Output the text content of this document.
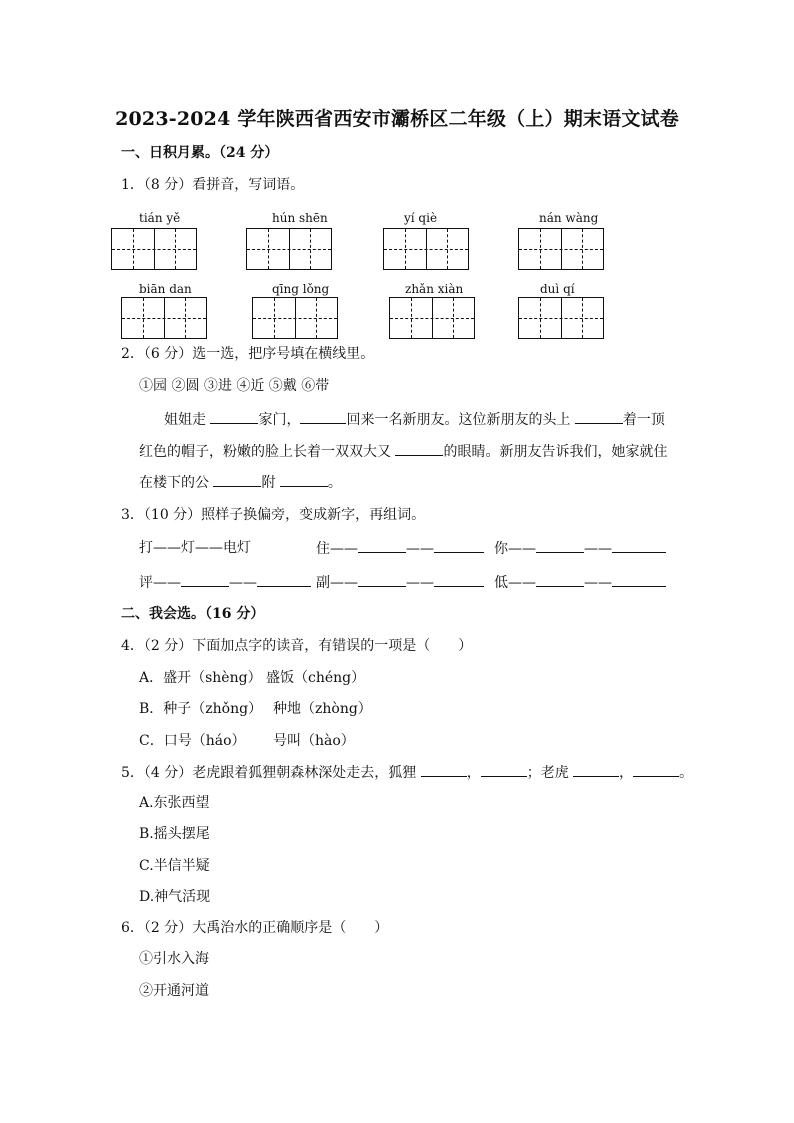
2023-2024 学年陕西省西安市灞桥区二年级（上）期末语文试卷
一、日积月累。（24 分）
1．（8 分）看拼音，写词语。
tián yě	hún shēn	yí qiè	nán wàng
biān dan	qīng lǒng	zhǎn xiàn	duì qí
2．（6 分）选一选，把序号填在横线里。
①园 ②圆 ③进 ④近 ⑤戴 ⑥带
姐姐走	家门，	回来一名新朋友。这位新朋友的头上	着一顶
红色的帽子，粉嫩的脸上长着一双双大又	的眼睛。新朋友告诉我们，她家就住
在楼下的公	附	。
3．（10 分）照样子换偏旁，变成新字，再组词。
打——灯——电灯	住——	——	你——	——
评——	——	副——	——	低——	——
二、我会选。（16 分）
4．（2 分）下面加点字的读音，有错误的一项是（　　）
A．盛开（shèng） 盛饭（chéng）
B．种子（zhǒng） 种地（zhòng）
C．口号（háo） 号叫（hào）
5．（4 分）老虎跟着狐狸朝森林深处走去，狐狸	，	；老虎	，	。
A.东张西望
B.摇头摆尾
C.半信半疑
D.神气活现
6．（2 分）大禹治水的正确顺序是（　　）
①引水入海
②开通河道
